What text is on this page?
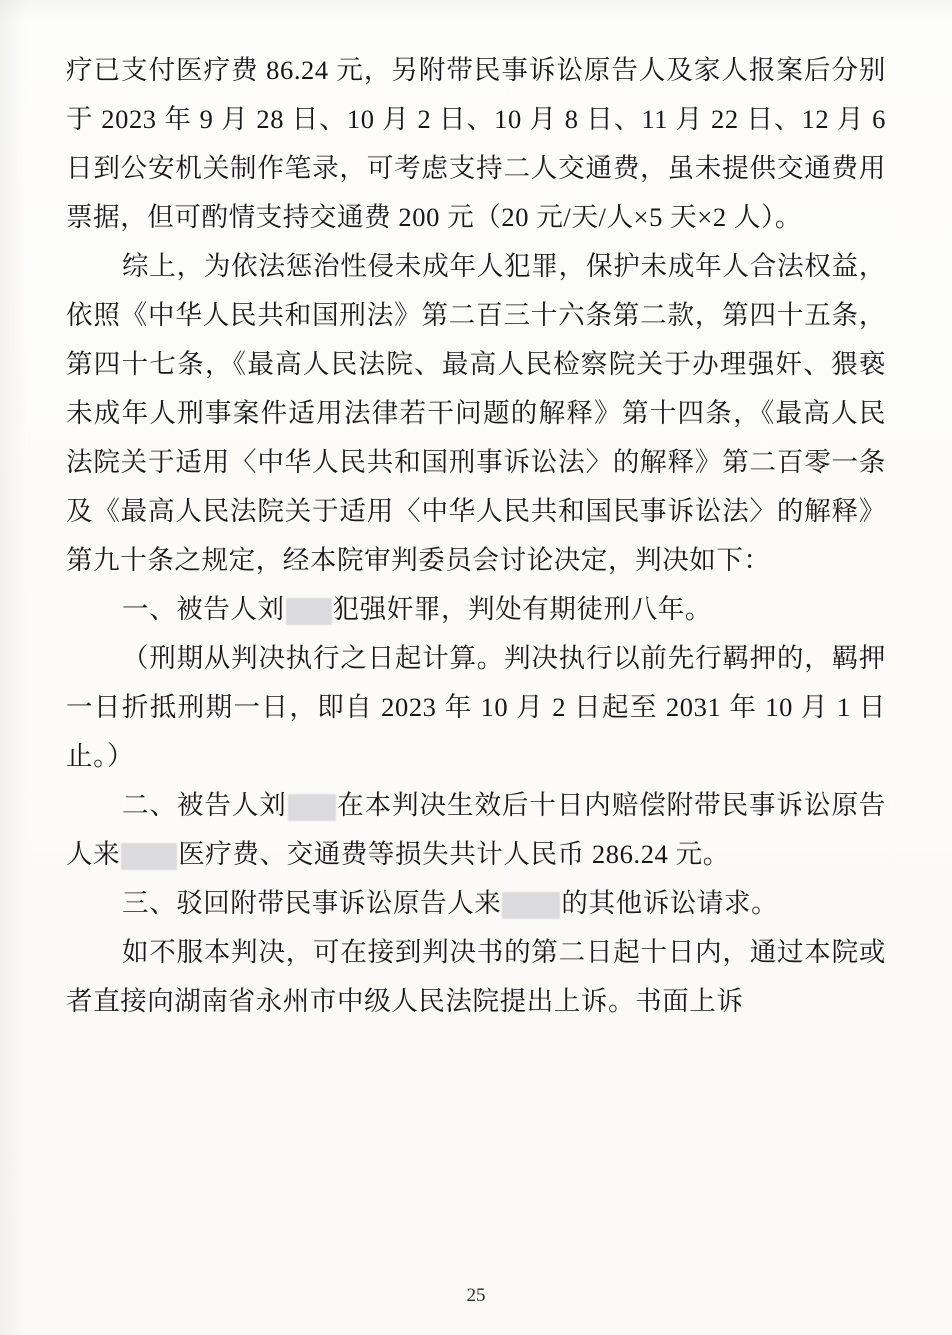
疗已支付医疗费 86.24 元，另附带民事诉讼原告人及家人报案后分别于 2023 年 9 月 28 日、10 月 2 日、10 月 8 日、11 月 22 日、12 月 6 日到公安机关制作笔录，可考虑支持二人交通费，虽未提供交通费用票据，但可酌情支持交通费 200 元（20 元/天/人×5 天×2 人）。
综上，为依法惩治性侵未成年人犯罪，保护未成年人合法权益，依照《中华人民共和国刑法》第二百三十六条第二款，第四十五条，第四十七条，《最高人民法院、最高人民检察院关于办理强奸、猥亵未成年人刑事案件适用法律若干问题的解释》第十四条，《最高人民法院关于适用〈中华人民共和国刑事诉讼法〉的解释》第二百零一条及《最高人民法院关于适用〈中华人民共和国民事诉讼法〉的解释》第九十条之规定，经本院审判委员会讨论决定，判决如下：
一、被告人刘 犯强奸罪，判处有期徒刑八年。
（刑期从判决执行之日起计算。判决执行以前先行羁押的，羁押一日折抵刑期一日，即自 2023 年 10 月 2 日起至 2031 年 10 月 1 日止。）
二、被告人刘 在本判决生效后十日内赔偿附带民事诉讼原告人来 医疗费、交通费等损失共计人民币 286.24 元。
三、驳回附带民事诉讼原告人来 的其他诉讼请求。
如不服本判决，可在接到判决书的第二日起十日内，通过本院或者直接向湖南省永州市中级人民法院提出上诉。书面上诉
25
